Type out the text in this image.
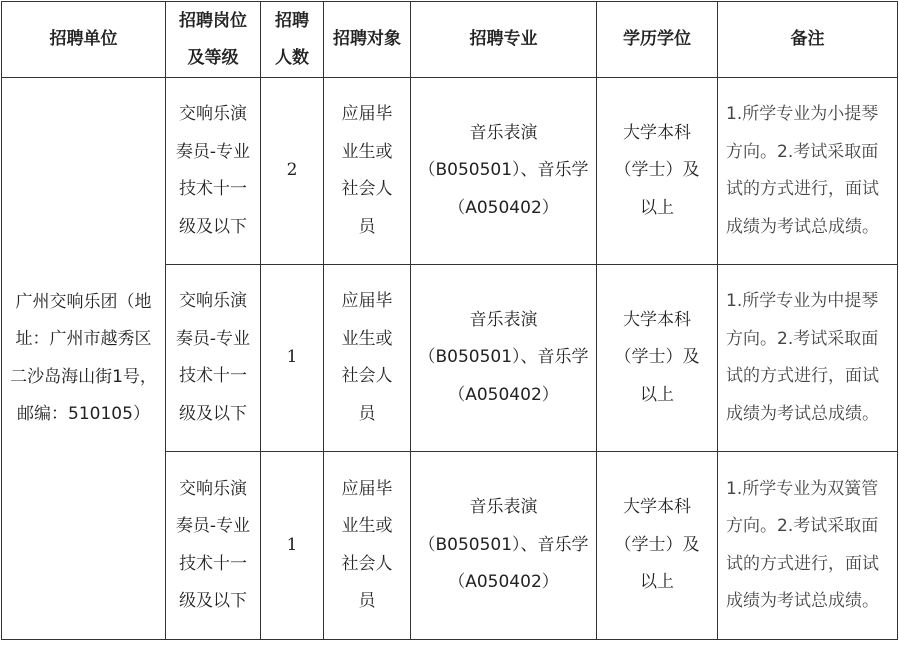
招聘单位	招聘岗位及等级	招聘人数	招聘对象	招聘专业	学历学位	备注
广州交响乐团（地址：广州市越秀区二沙岛海山街1号，邮编：510105）	交响乐演奏员-专业技术十一级及以下	2	应届毕业生或社会人员	音乐表演（B050501）、音乐学（A050402）	大学本科（学士）及以上	1.所学专业为小提琴方向。2.考试采取面试的方式进行，面试成绩为考试总成绩。
	交响乐演奏员-专业技术十一级及以下	1	应届毕业生或社会人员	音乐表演（B050501）、音乐学（A050402）	大学本科（学士）及以上	1.所学专业为中提琴方向。2.考试采取面试的方式进行，面试成绩为考试总成绩。
	交响乐演奏员-专业技术十一级及以下	1	应届毕业生或社会人员	音乐表演（B050501）、音乐学（A050402）	大学本科（学士）及以上	1.所学专业为双簧管方向。2.考试采取面试的方式进行，面试成绩为考试总成绩。
